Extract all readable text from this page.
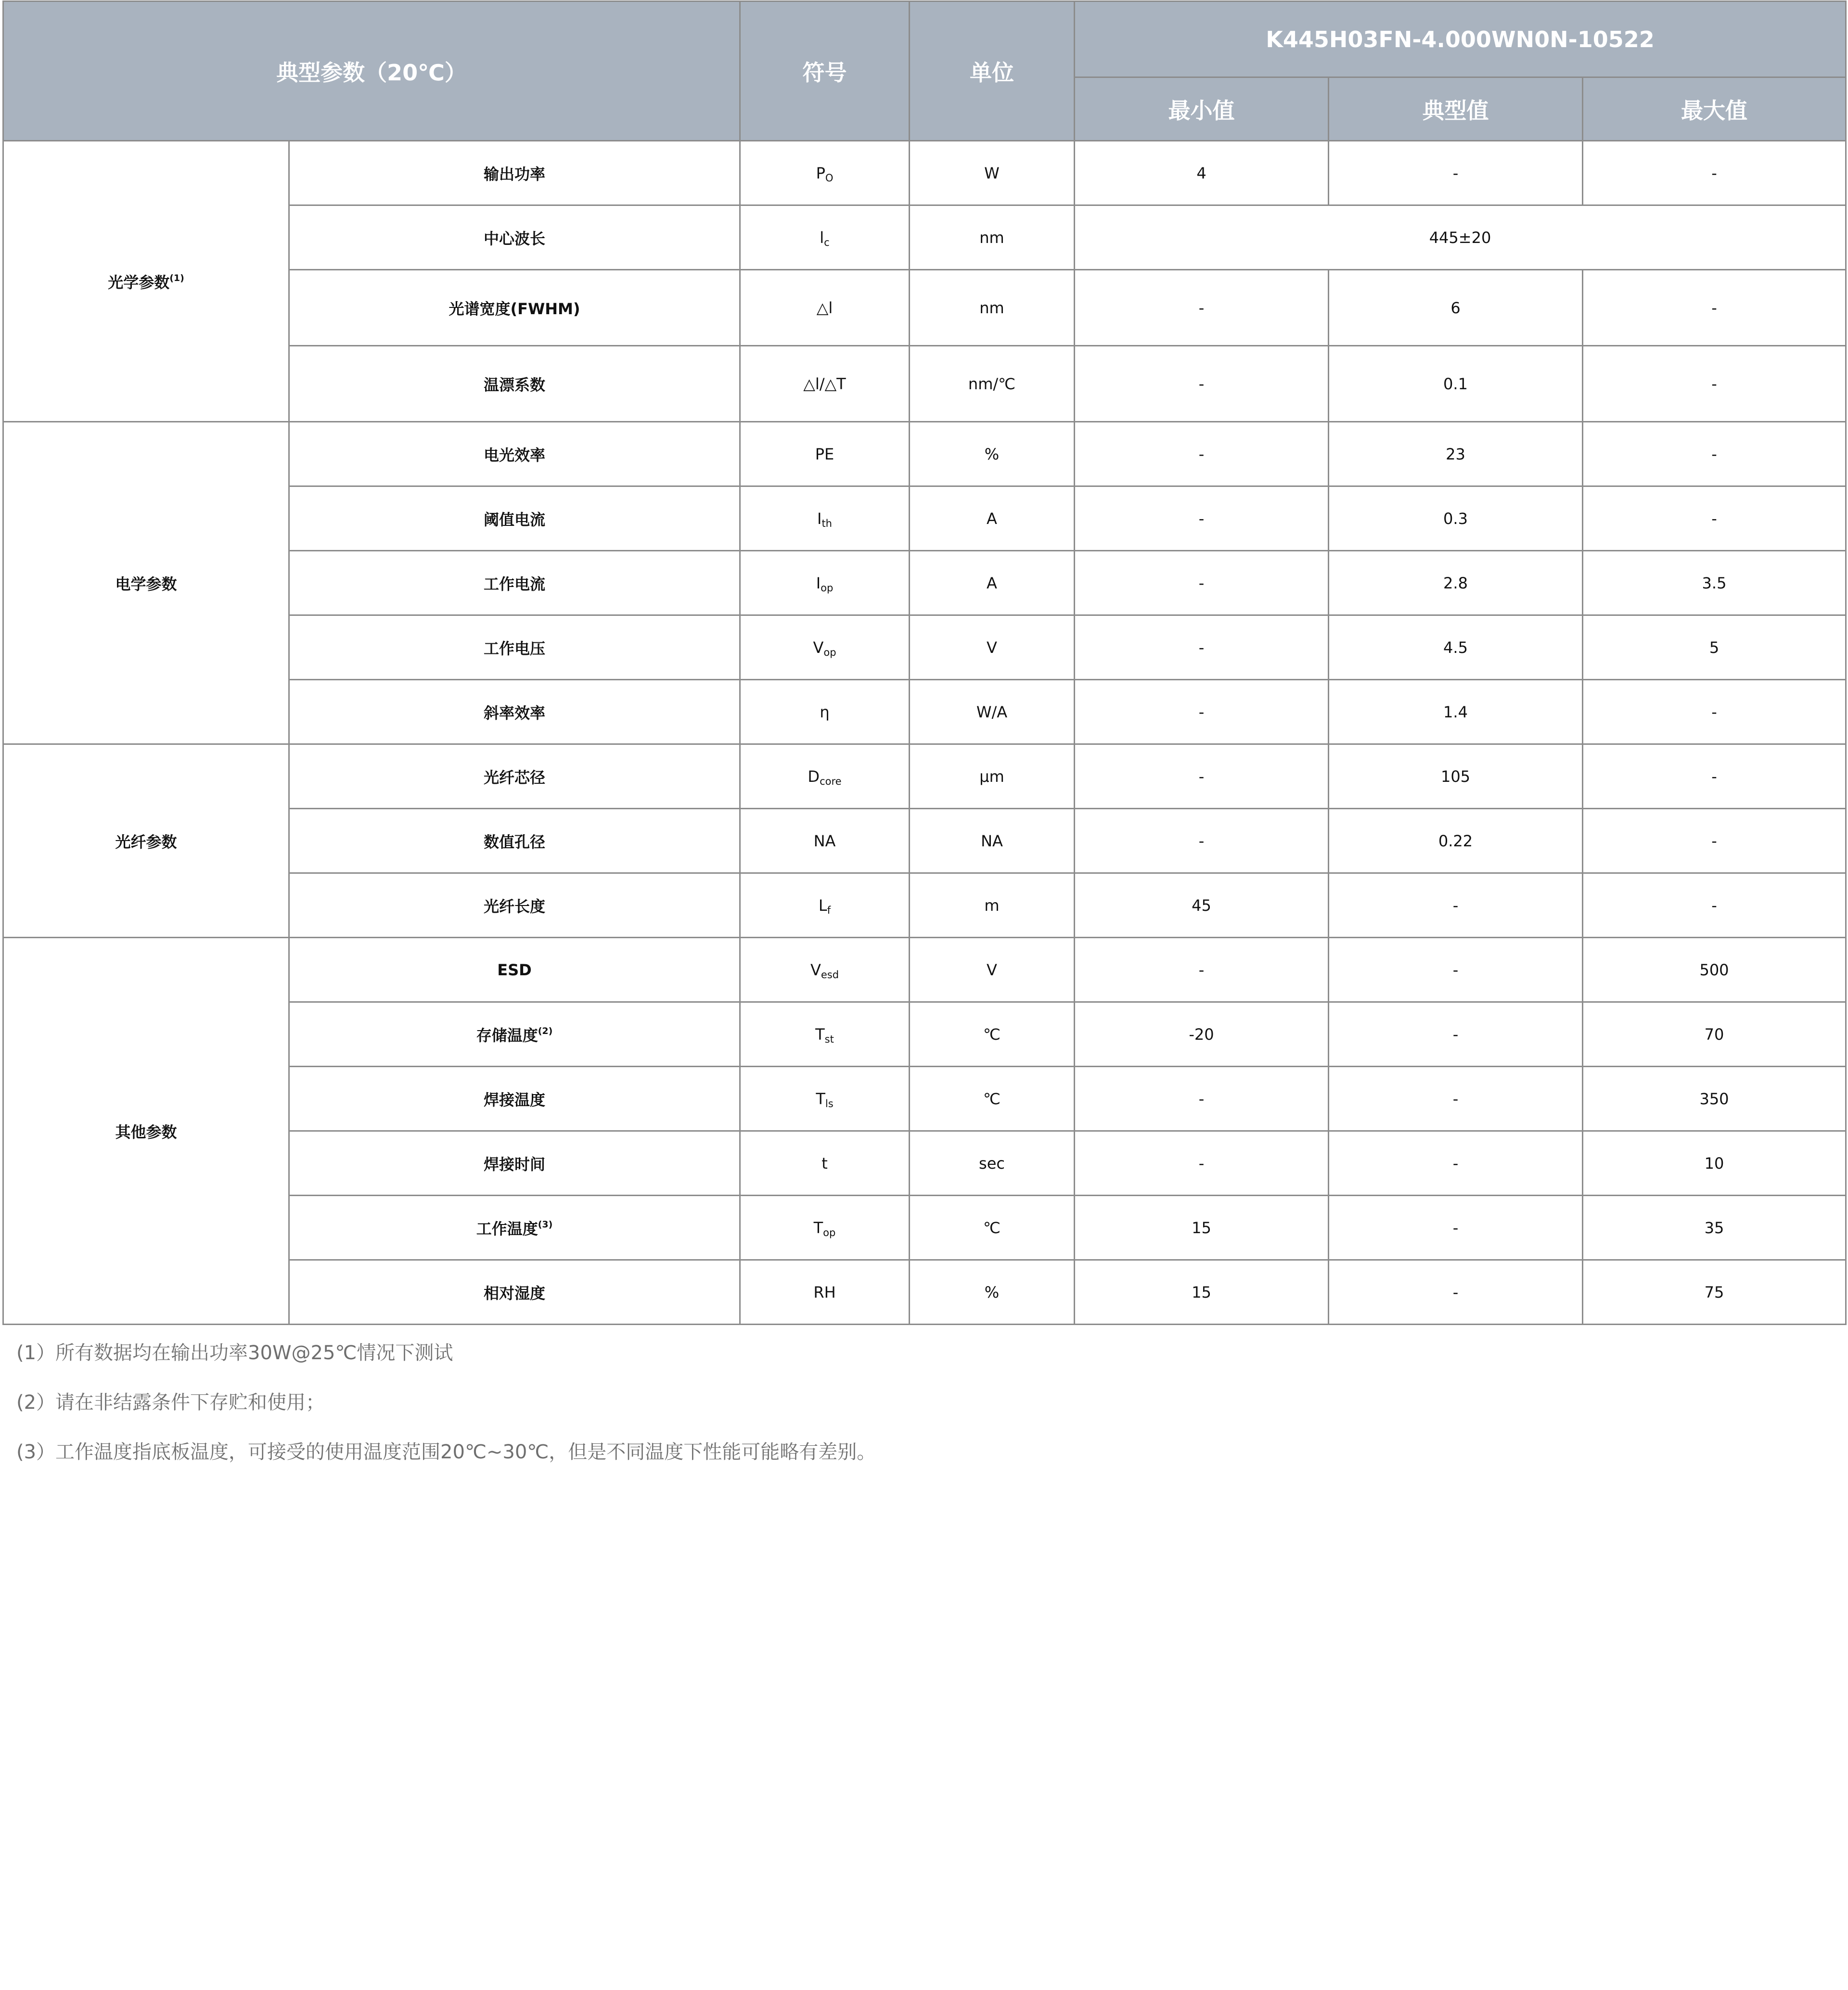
典型参数（20℃）		符号	单位	K445H03FN-4.000WN0N-10522		
				最小值	典型值	最大值
光学参数$^{(1)}$	输出功率	$P_O$	W	4	-	-
	中心波长	$l_c$	nm	445±20		
	光谱宽度(FWHM)	△l	nm	-	6	-
	温漂系数	△l/△T	nm/℃	-	0.1	-
电学参数	电光效率	PE	%	-	23	-
	阈值电流	$I_{th}$	A	-	0.3	-
	工作电流	$I_{op}$	A	-	2.8	3.5
	工作电压	$V_{op}$	V	-	4.5	5
	斜率效率	η	W/A	-	1.4	-
光纤参数	光纤芯径	$D_{core}$	μm	-	105	-
	数值孔径	NA	NA	-	0.22	-
	光纤长度	$L_f$	m	45	-	-
其他参数	ESD	$V_{esd}$	V	-	-	500
	存储温度$^{(2)}$	$T_{st}$	℃	-20	-	70
	焊接温度	$T_{ls}$	℃	-	-	350
	焊接时间	t	sec	-	-	10
	工作温度$^{(3)}$	$T_{op}$	℃	15	-	35
	相对湿度	RH	%	15	-	75
(1）所有数据均在输出功率30W@25℃情况下测试
(2）请在非结露条件下存贮和使用；
(3）工作温度指底板温度，可接受的使用温度范围20℃~30℃，但是不同温度下性能可能略有差别。
